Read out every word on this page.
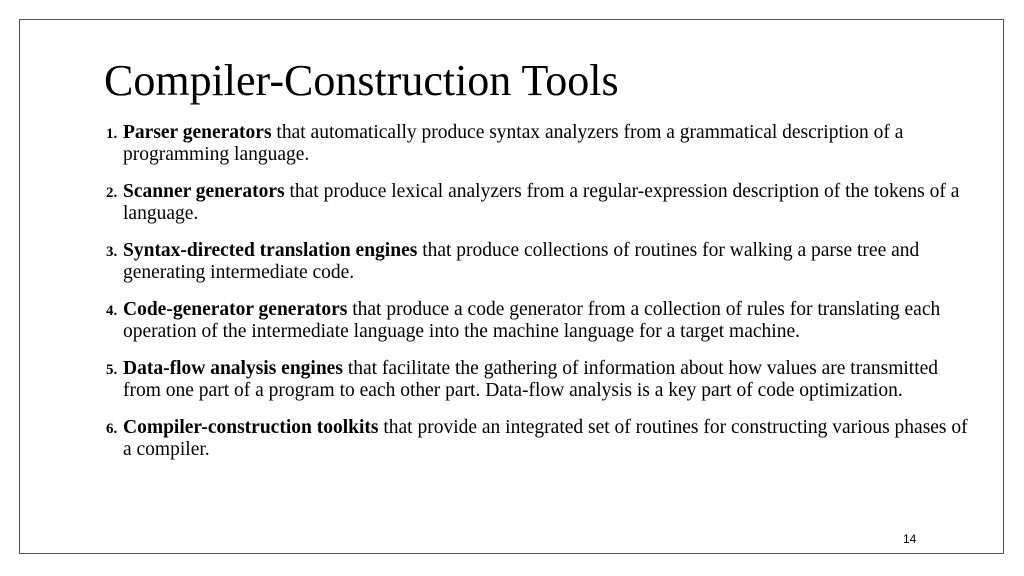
Compiler-Construction Tools
1. Parser generators that automatically produce syntax analyzers from a grammatical description of a programming language.
2. Scanner generators that produce lexical analyzers from a regular-expression description of the tokens of a language.
3. Syntax-directed translation engines that produce collections of routines for walking a parse tree and generating intermediate code.
4. Code-generator generators that produce a code generator from a collection of rules for translating each operation of the intermediate language into the machine language for a target machine.
5. Data-flow analysis engines that facilitate the gathering of information about how values are transmitted from one part of a program to each other part. Data-flow analysis is a key part of code optimization.
6. Compiler-construction toolkits that provide an integrated set of routines for constructing various phases of a compiler.
14
